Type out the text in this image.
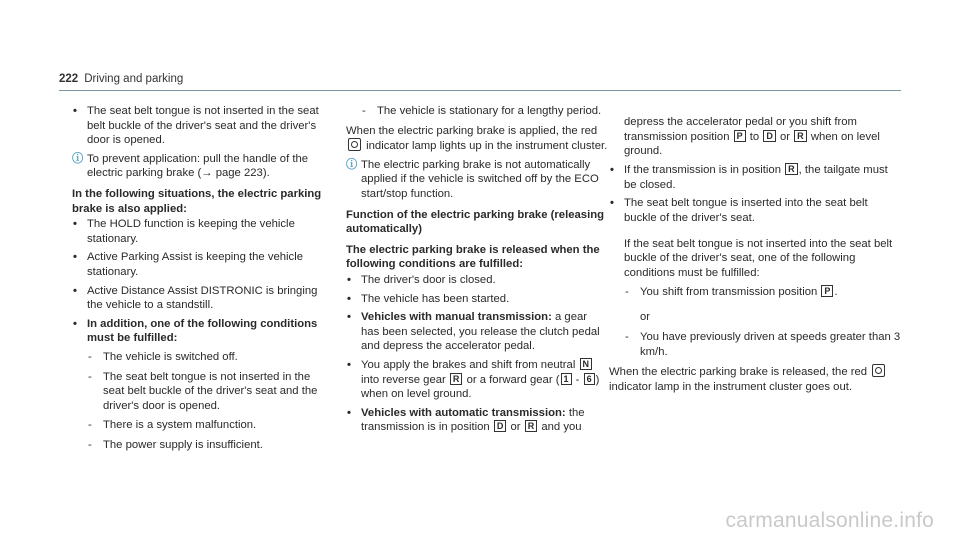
222 Driving and parking

• The seat belt tongue is not inserted in the seat belt buckle of the driver's seat and the driver's door is opened.

ⓘ To prevent application: pull the handle of the electric parking brake (→ page 223).

In the following situations, the electric parking brake is also applied:

• The HOLD function is keeping the vehicle stationary.

• Active Parking Assist is keeping the vehicle stationary.

• Active Distance Assist DISTRONIC is bringing the vehicle to a standstill.

• In addition, one of the following conditions must be fulfilled:

- The vehicle is switched off.

- The seat belt tongue is not inserted in the seat belt buckle of the driver's seat and the driver's door is opened.

- There is a system malfunction.

- The power supply is insufficient.

- The vehicle is stationary for a lengthy period.

When the electric parking brake is applied, the red  indicator lamp lights up in the instrument cluster.

ⓘ The electric parking brake is not automatically applied if the vehicle is switched off by the ECO start/stop function.

Function of the electric parking brake (releasing automatically)

The electric parking brake is released when the following conditions are fulfilled:

• The driver's door is closed.

• The vehicle has been started.

• Vehicles with manual transmission: a gear has been selected, you release the clutch pedal and depress the accelerator pedal.

• You apply the brakes and shift from neutral N into reverse gear R or a forward gear ( 1 - 6 ) when on level ground.

• Vehicles with automatic transmission: the transmission is in position D or R and you

depress the accelerator pedal or you shift from transmission position P to D or R when on level ground.

• If the transmission is in position R , the tailgate must be closed.

• The seat belt tongue is inserted into the seat belt buckle of the driver's seat.

If the seat belt tongue is not inserted into the seat belt buckle of the driver's seat, one of the following conditions must be fulfilled:

- You shift from transmission position P .

or

- You have previously driven at speeds greater than 3 km/h.

When the electric parking brake is released, the red  indicator lamp in the instrument cluster goes out.

carmanualsonline.info
